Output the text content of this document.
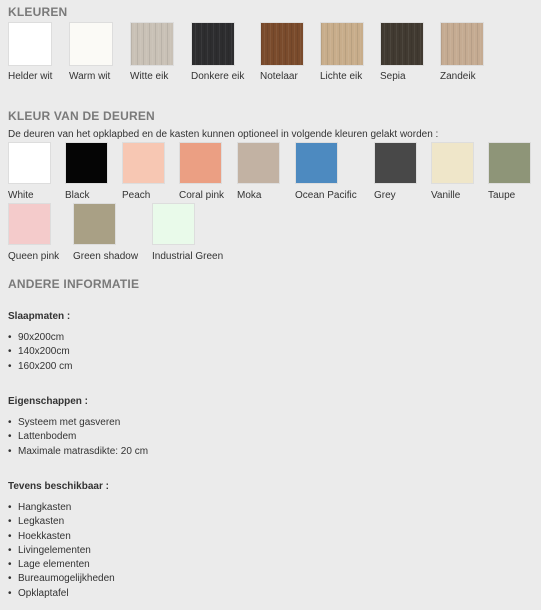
KLEUREN
Helder wit Warm wit Witte eik Donkere eik Notelaar Lichte eik Sepia	Zandeik
KLEUR VAN DE DEUREN
De deuren van het opklapbed en de kasten kunnen optioneel in volgende kleuren gelakt worden :
White	Black	Peach	Coral pink Moka	Ocean Pacific Grey	Vanille	Taupe
Queen pink Green shadow Industrial Green
ANDERE INFORMATIE
Slaapmaten :
• 90x200cm
• 140x200cm
• 160x200 cm
Eigenschappen :
• Systeem met gasveren
• Lattenbodem
• Maximale matrasdikte: 20 cm
Tevens beschikbaar :
• Hangkasten
• Legkasten
• Hoekkasten
• Livingelementen
• Lage elementen
• Bureaumogelijkheden
• Opklaptafel
